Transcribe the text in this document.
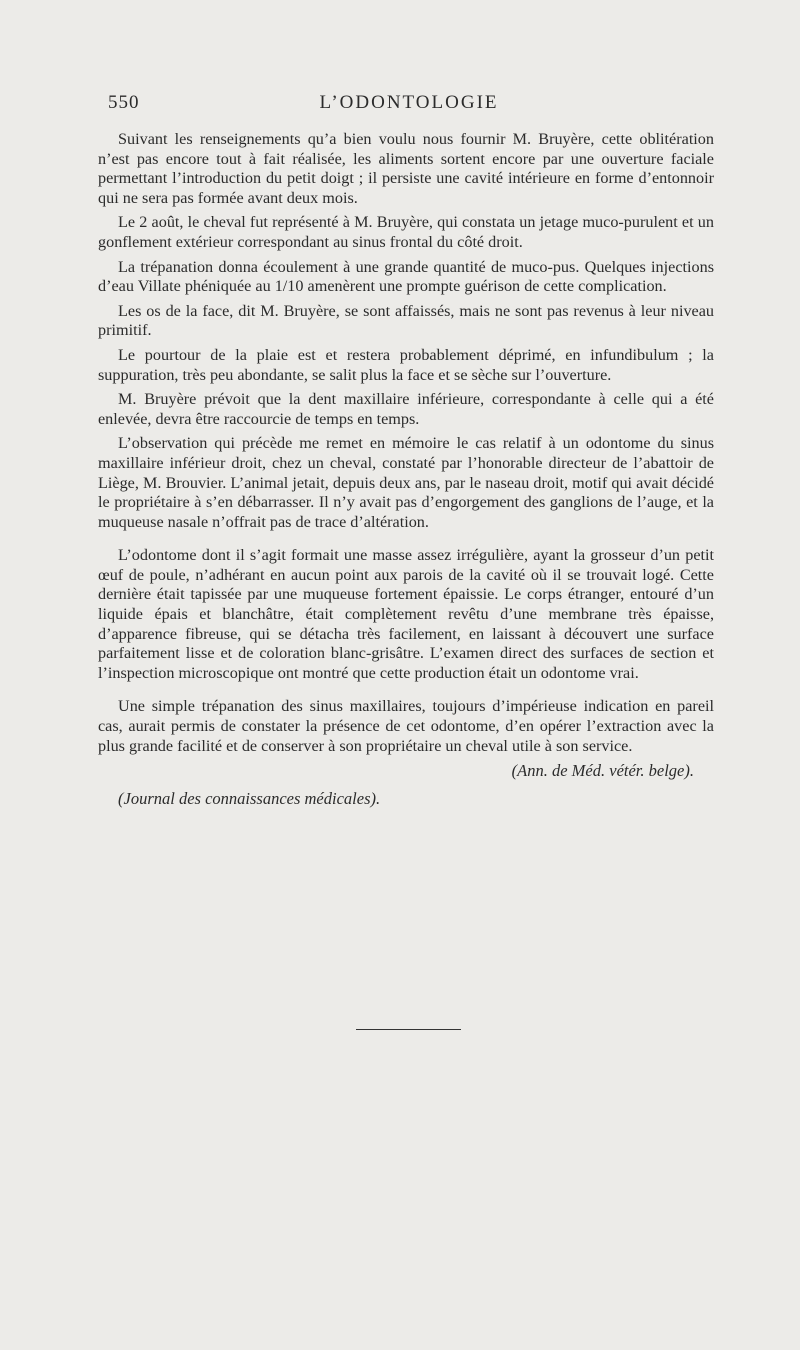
550	L’ODONTOLOGIE

Suivant les renseignements qu’a bien voulu nous fournir M. Bruyère, cette oblitération n’est pas encore tout à fait réalisée, les aliments sortent encore par une ouverture faciale permettant l’introduction du petit doigt ; il persiste une cavité intérieure en forme d’entonnoir qui ne sera pas formée avant deux mois.

Le 2 août, le cheval fut représenté à M. Bruyère, qui constata un jetage muco-purulent et un gonflement extérieur correspondant au sinus frontal du côté droit.

La trépanation donna écoulement à une grande quantité de muco-pus. Quelques injections d’eau Villate phéniquée au 1/10 amenèrent une prompte guérison de cette complication.

Les os de la face, dit M. Bruyère, se sont affaissés, mais ne sont pas revenus à leur niveau primitif.

Le pourtour de la plaie est et restera probablement déprimé, en infundibulum ; la suppuration, très peu abondante, se salit plus la face et se sèche sur l’ouverture.

M. Bruyère prévoit que la dent maxillaire inférieure, correspondante à celle qui a été enlevée, devra être raccourcie de temps en temps.

L’observation qui précède me remet en mémoire le cas relatif à un odontome du sinus maxillaire inférieur droit, chez un cheval, constaté par l’honorable directeur de l’abattoir de Liège, M. Brouvier. L’animal jetait, depuis deux ans, par le naseau droit, motif qui avait décidé le propriétaire à s’en débarrasser. Il n’y avait pas d’engorgement des ganglions de l’auge, et la muqueuse nasale n’offrait pas de trace d’altération.

L’odontome dont il s’agit formait une masse assez irrégulière, ayant la grosseur d’un petit œuf de poule, n’adhérant en aucun point aux parois de la cavité où il se trouvait logé. Cette dernière était tapissée par une muqueuse fortement épaissie. Le corps étranger, entouré d’un liquide épais et blanchâtre, était complètement revêtu d’une membrane très épaisse, d’apparence fibreuse, qui se détacha très facilement, en laissant à découvert une surface parfaitement lisse et de coloration blanc-grisâtre. L’examen direct des surfaces de section et l’inspection microscopique ont montré que cette production était un odontome vrai.

Une simple trépanation des sinus maxillaires, toujours d’impérieuse indication en pareil cas, aurait permis de constater la présence de cet odontome, d’en opérer l’extraction avec la plus grande facilité et de conserver à son propriétaire un cheval utile à son service.

(Ann. de Méd. vétér. belge).
(Journal des connaissances médicales).
